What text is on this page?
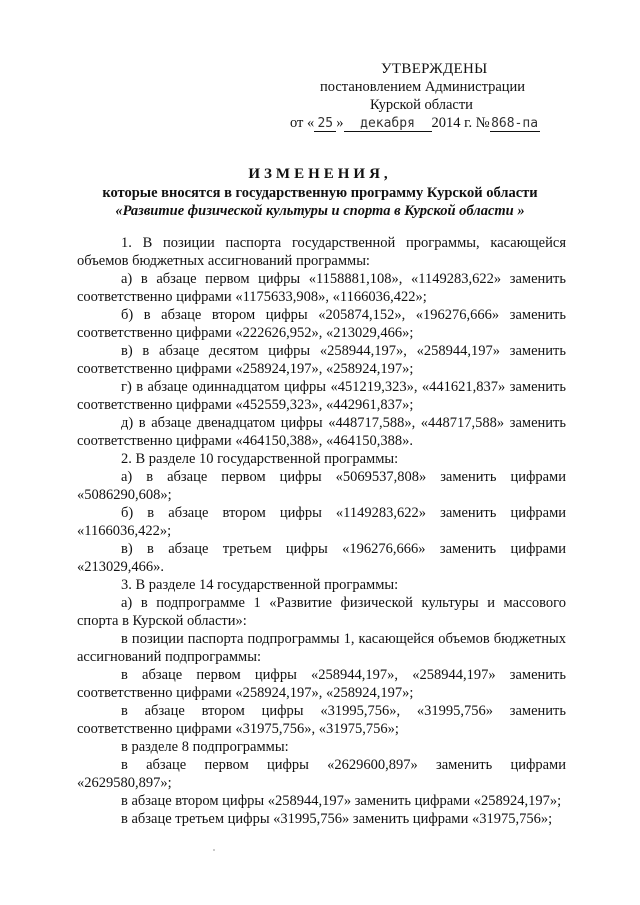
УТВЕРЖДЕНЫ
постановлением Администрации
Курской области
от « 25 »	декабря	2014 г. № 868-па
ИЗМЕНЕНИЯ,
которые вносятся в государственную программу Курской области
«Развитие физической культуры и спорта в Курской области »

1. В позиции паспорта государственной программы, касающейся объемов бюджетных ассигнований программы:

а) в абзаце первом цифры «1158881,108», «1149283,622» заменить соответственно цифрами «1175633,908», «1166036,422»;

б) в абзаце втором цифры «205874,152», «196276,666» заменить соответственно цифрами «222626,952», «213029,466»;

в) в абзаце десятом цифры «258944,197», «258944,197» заменить соответственно цифрами «258924,197», «258924,197»;

г) в абзаце одиннадцатом цифры «451219,323», «441621,837» заменить соответственно цифрами «452559,323», «442961,837»;

д) в абзаце двенадцатом цифры «448717,588», «448717,588» заменить соответственно цифрами «464150,388», «464150,388».

2. В разделе 10 государственной программы:

а) в абзаце первом цифры «5069537,808» заменить цифрами «5086290,608»;

б) в абзаце втором цифры «1149283,622» заменить цифрами «1166036,422»;

в) в абзаце третьем цифры «196276,666» заменить цифрами «213029,466».

3. В разделе 14 государственной программы:

а) в подпрограмме 1 «Развитие физической культуры и массового спорта в Курской области»:

в позиции паспорта подпрограммы 1, касающейся объемов бюджетных ассигнований подпрограммы:

в абзаце первом цифры «258944,197», «258944,197» заменить соответственно цифрами «258924,197», «258924,197»;

в абзаце втором цифры «31995,756», «31995,756» заменить соответственно цифрами «31975,756», «31975,756»;

в разделе 8 подпрограммы:

в абзаце первом цифры «2629600,897» заменить цифрами «2629580,897»;

в абзаце втором цифры «258944,197» заменить цифрами «258924,197»;

в абзаце третьем цифры «31995,756» заменить цифрами «31975,756»;
